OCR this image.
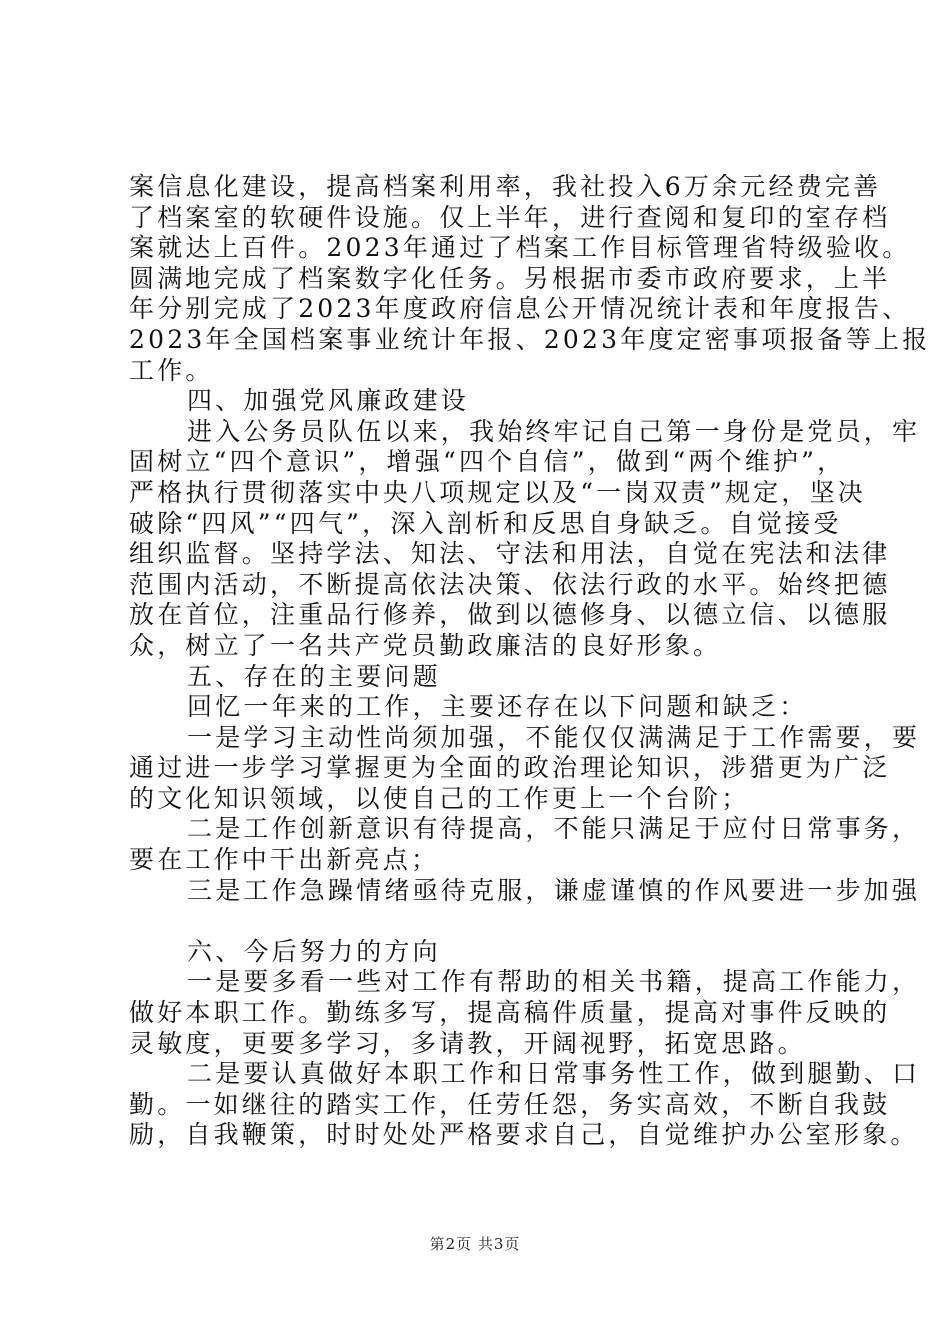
案信息化建设，提高档案利用率，我社投入6万余元经费完善
了档案室的软硬件设施。仅上半年，进行查阅和复印的室存档
案就达上百件。2023年通过了档案工作目标管理省特级验收。
圆满地完成了档案数字化任务。另根据市委市政府要求，上半
年分别完成了2023年度政府信息公开情况统计表和年度报告、
2023年全国档案事业统计年报、2023年度定密事项报备等上报
工作。
四、加强党风廉政建设
进入公务员队伍以来，我始终牢记自己第一身份是党员，牢
固树立“四个意识”，增强“四个自信”，做到“两个维护”，
严格执行贯彻落实中央八项规定以及“一岗双责”规定，坚决
破除“四风”“四气”，深入剖析和反思自身缺乏。自觉接受
组织监督。坚持学法、知法、守法和用法，自觉在宪法和法律
范围内活动，不断提高依法决策、依法行政的水平。始终把德
放在首位，注重品行修养，做到以德修身、以德立信、以德服
众，树立了一名共产党员勤政廉洁的良好形象。
五、存在的主要问题
回忆一年来的工作，主要还存在以下问题和缺乏：
一是学习主动性尚须加强，不能仅仅满满足于工作需要，要
通过进一步学习掌握更为全面的政治理论知识，涉猎更为广泛
的文化知识领域，以使自己的工作更上一个台阶；
二是工作创新意识有待提高，不能只满足于应付日常事务，
要在工作中干出新亮点；
三是工作急躁情绪亟待克服，谦虚谨慎的作风要进一步加强
六、今后努力的方向
一是要多看一些对工作有帮助的相关书籍，提高工作能力，
做好本职工作。勤练多写，提高稿件质量，提高对事件反映的
灵敏度，更要多学习，多请教，开阔视野，拓宽思路。
二是要认真做好本职工作和日常事务性工作，做到腿勤、口
勤。一如继往的踏实工作，任劳任怨，务实高效，不断自我鼓
励，自我鞭策，时时处处严格要求自己，自觉维护办公室形象。
第2页 共3页
